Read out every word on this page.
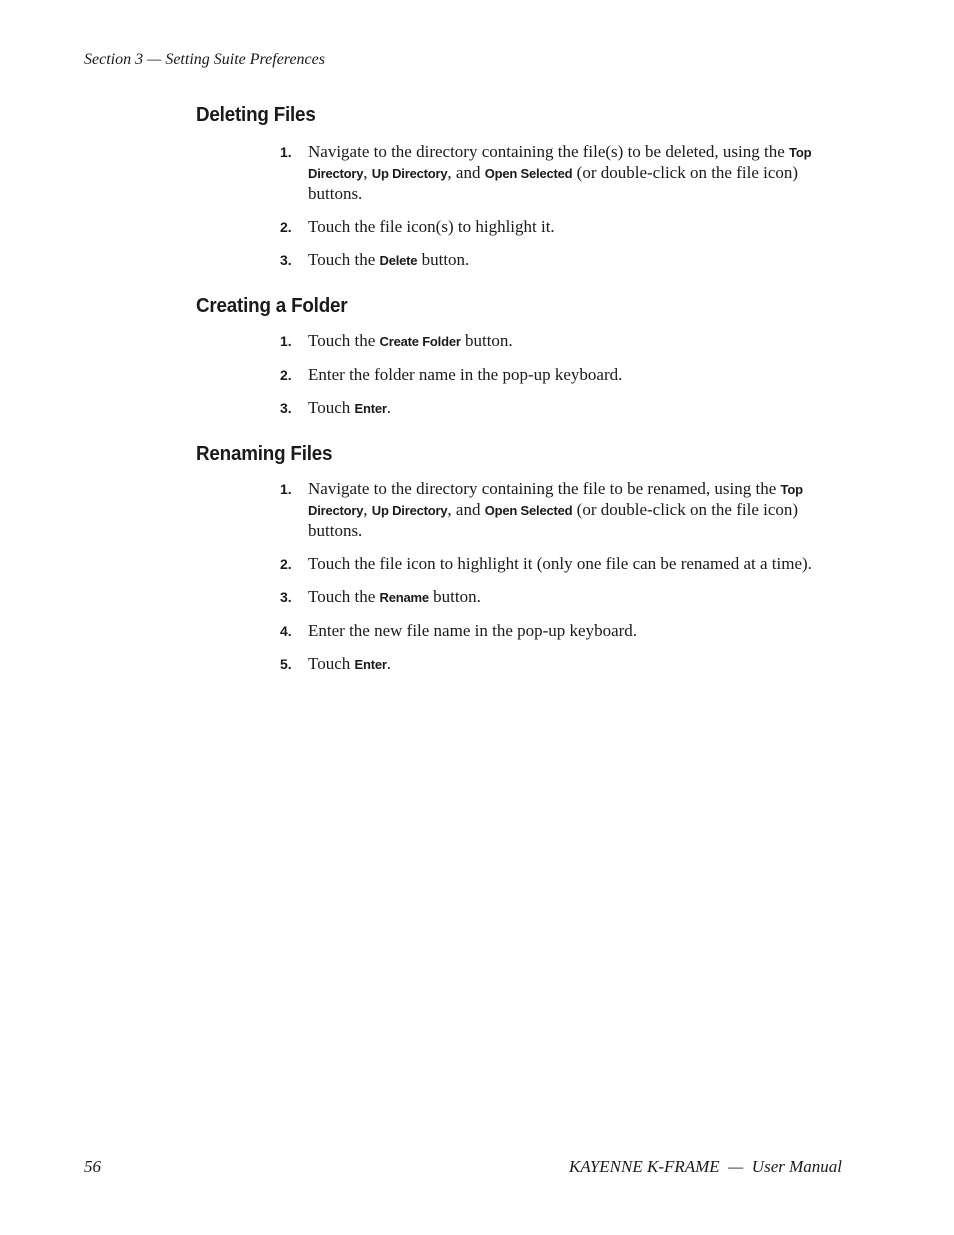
Section 3 — Setting Suite Preferences
Deleting Files
1. Navigate to the directory containing the file(s) to be deleted, using the Top Directory, Up Directory, and Open Selected (or double-click on the file icon) buttons.
2. Touch the file icon(s) to highlight it.
3. Touch the Delete button.
Creating a Folder
1. Touch the Create Folder button.
2. Enter the folder name in the pop-up keyboard.
3. Touch Enter.
Renaming Files
1. Navigate to the directory containing the file to be renamed, using the Top Directory, Up Directory, and Open Selected (or double-click on the file icon) buttons.
2. Touch the file icon to highlight it (only one file can be renamed at a time).
3. Touch the Rename button.
4. Enter the new file name in the pop-up keyboard.
5. Touch Enter.
56	KAYENNE K-FRAME  —  User Manual
